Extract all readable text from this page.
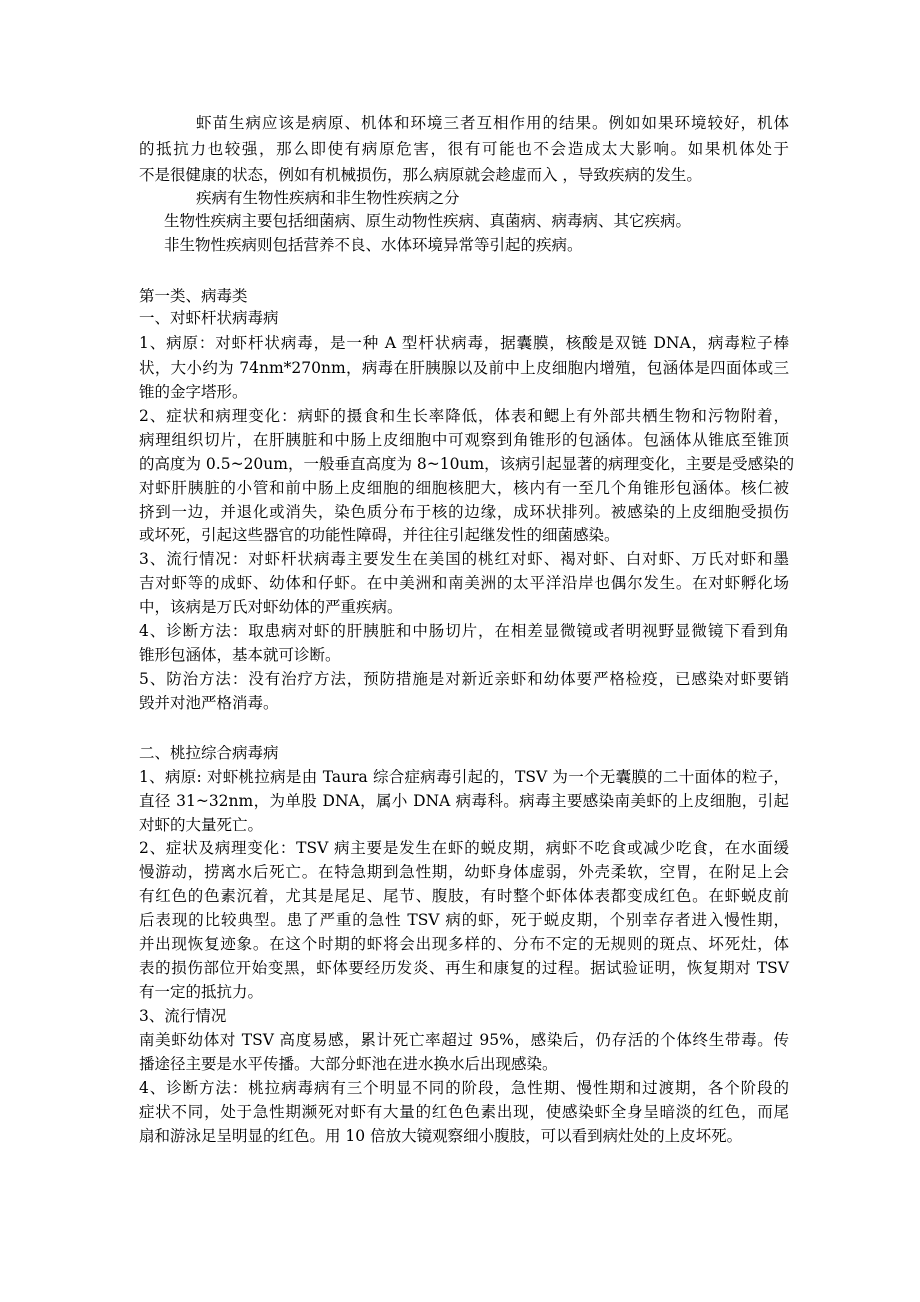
虾苗生病应该是病原、机体和环境三者互相作用的结果。例如如果环境较好，机体

的抵抗力也较强，那么即使有病原危害，很有可能也不会造成太大影响。如果机体处于

不是很健康的状态，例如有机械损伤，那么病原就会趁虚而入 ，导致疾病的发生。

疾病有生物性疾病和非生物性疾病之分

生物性疾病主要包括细菌病、原生动物性疾病、真菌病、病毒病、其它疾病。

非生物性疾病则包括营养不良、水体环境异常等引起的疾病。

第一类、病毒类

一、对虾杆状病毒病

1、病原：对虾杆状病毒，是一种 A 型杆状病毒，据囊膜，核酸是双链 DNA，病毒粒子棒

状，大小约为 74nm*270nm，病毒在肝胰腺以及前中上皮细胞内增殖，包涵体是四面体或三

锥的金字塔形。

2、症状和病理变化：病虾的摄食和生长率降低，体表和鳃上有外部共栖生物和污物附着，

病理组织切片，在肝胰脏和中肠上皮细胞中可观察到角锥形的包涵体。包涵体从锥底至锥顶

的高度为 0.5~20um，一般垂直高度为 8~10um，该病引起显著的病理变化，主要是受感染的

对虾肝胰脏的小管和前中肠上皮细胞的细胞核肥大，核内有一至几个角锥形包涵体。核仁被

挤到一边，并退化或消失，染色质分布于核的边缘，成环状排列。被感染的上皮细胞受损伤

或坏死，引起这些器官的功能性障碍，并往往引起继发性的细菌感染。

3、流行情况：对虾杆状病毒主要发生在美国的桃红对虾、褐对虾、白对虾、万氏对虾和墨

吉对虾等的成虾、幼体和仔虾。在中美洲和南美洲的太平洋沿岸也偶尔发生。在对虾孵化场

中，该病是万氏对虾幼体的严重疾病。

4、诊断方法：取患病对虾的肝胰脏和中肠切片，在相差显微镜或者明视野显微镜下看到角

锥形包涵体，基本就可诊断。

5、防治方法：没有治疗方法，预防措施是对新近亲虾和幼体要严格检疫，已感染对虾要销

毁并对池严格消毒。

二、桃拉综合病毒病

1、病原: 对虾桃拉病是由 Taura 综合症病毒引起的，TSV 为一个无囊膜的二十面体的粒子，

直径 31~32nm，为单股 DNA，属小 DNA 病毒科。病毒主要感染南美虾的上皮细胞，引起

对虾的大量死亡。

2、症状及病理变化：TSV 病主要是发生在虾的蜕皮期，病虾不吃食或减少吃食，在水面缓

慢游动，捞离水后死亡。在特急期到急性期，幼虾身体虚弱，外壳柔软，空胃，在附足上会

有红色的色素沉着，尤其是尾足、尾节、腹肢，有时整个虾体体表都变成红色。在虾蜕皮前

后表现的比较典型。患了严重的急性 TSV 病的虾，死于蜕皮期，个别幸存者进入慢性期，

并出现恢复迹象。在这个时期的虾将会出现多样的、分布不定的无规则的斑点、坏死灶，体

表的损伤部位开始变黑，虾体要经历发炎、再生和康复的过程。据试验证明，恢复期对 TSV

有一定的抵抗力。

3、流行情况

南美虾幼体对 TSV 高度易感，累计死亡率超过 95%，感染后，仍存活的个体终生带毒。传

播途径主要是水平传播。大部分虾池在进水换水后出现感染。

4、诊断方法：桃拉病毒病有三个明显不同的阶段，急性期、慢性期和过渡期，各个阶段的

症状不同，处于急性期濒死对虾有大量的红色色素出现，使感染虾全身呈暗淡的红色，而尾

扇和游泳足呈明显的红色。用 10 倍放大镜观察细小腹肢，可以看到病灶处的上皮坏死。
